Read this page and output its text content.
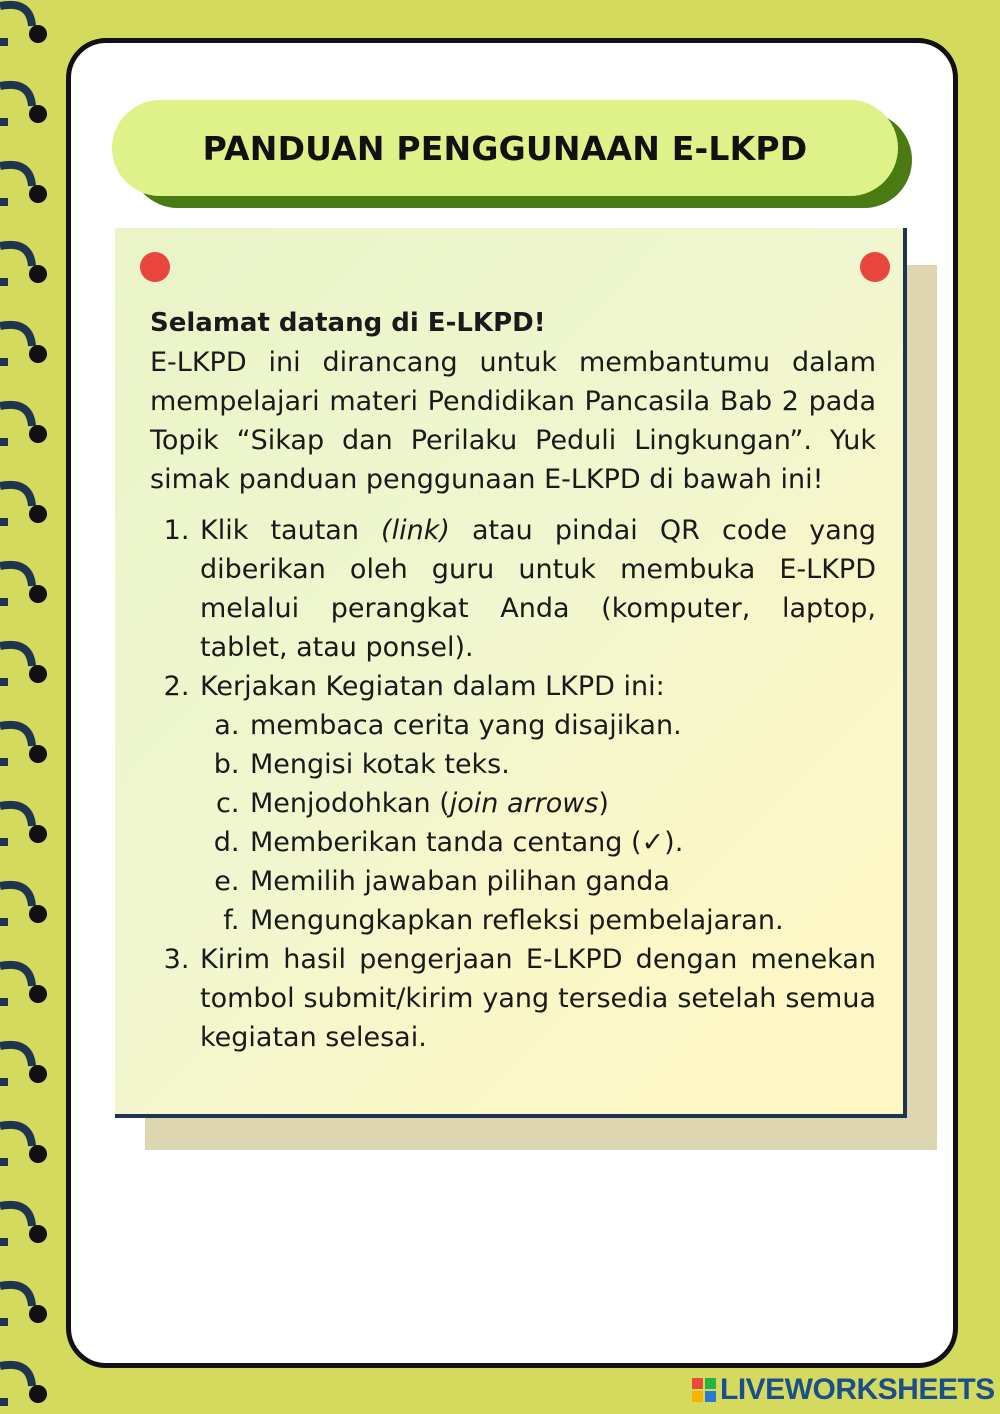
PANDUAN PENGGUNAAN E-LKPD
Selamat datang di E-LKPD!

E-LKPD ini dirancang untuk membantumu dalam mempelajari materi Pendidikan Pancasila Bab 2 pada Topik “Sikap dan Perilaku Peduli Lingkungan”. Yuk simak panduan penggunaan E-LKPD di bawah ini!

1. Klik tautan (link) atau pindai QR code yang diberikan oleh guru untuk membuka E-LKPD melalui perangkat Anda (komputer, laptop, tablet, atau ponsel).
2. Kerjakan Kegiatan dalam LKPD ini:
a. membaca cerita yang disajikan.
b. Mengisi kotak teks.
c. Menjodohkan (join arrows)
d. Memberikan tanda centang (✓).
e. Memilih jawaban pilihan ganda
f. Mengungkapkan refleksi pembelajaran.
3. Kirim hasil pengerjaan E-LKPD dengan menekan tombol submit/kirim yang tersedia setelah semua kegiatan selesai.
LIVEWORKSHEETS
